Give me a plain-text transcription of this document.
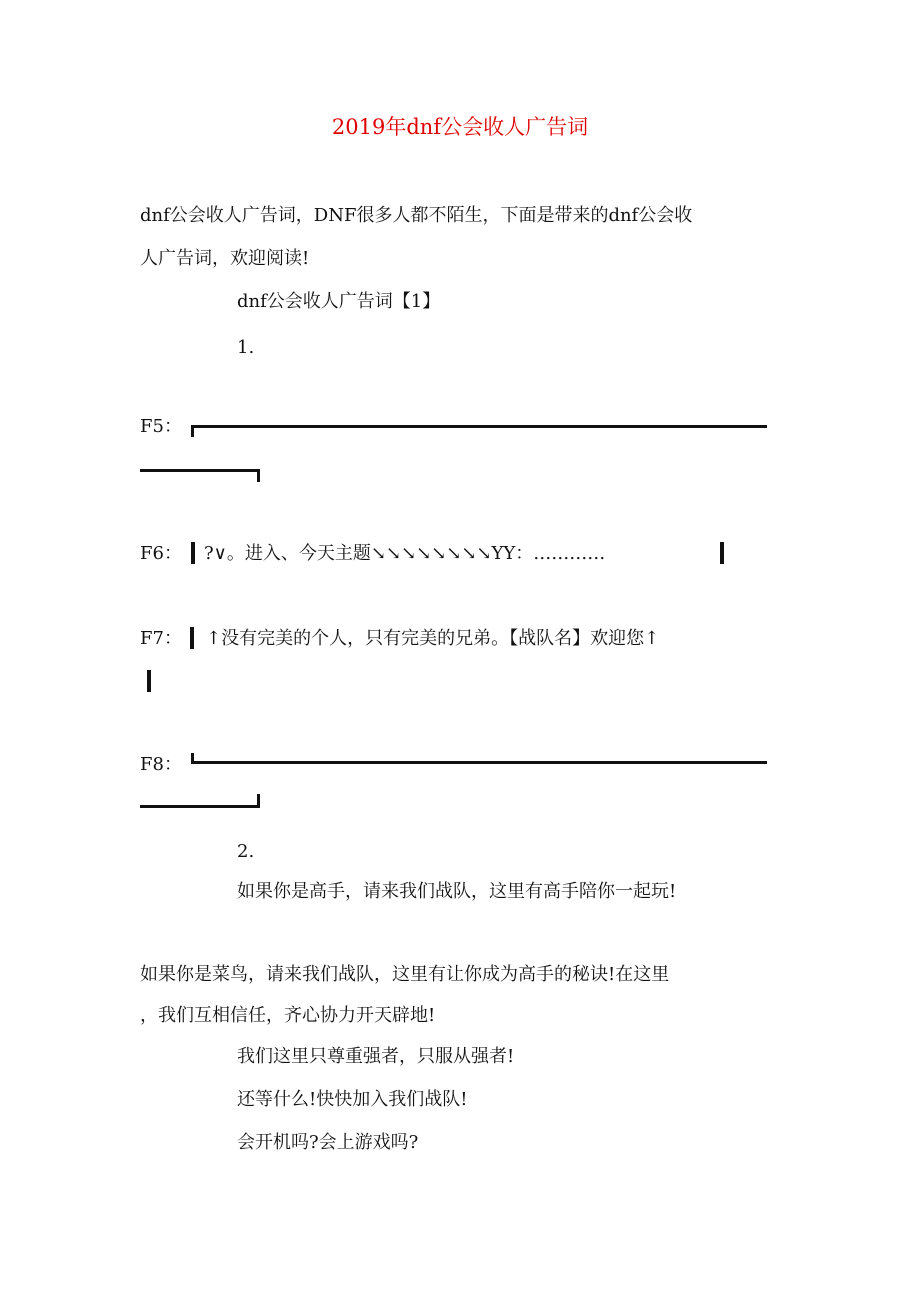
2019年dnf公会收人广告词
dnf公会收人广告词，DNF很多人都不陌生，下面是带来的dnf公会收
人广告词，欢迎阅读!
dnf公会收人广告词【1】
1.
F5：
F6： ?∨。进入、今天主题↘↘↘↘↘↘↘↘YY：…………
F7： ↑没有完美的个人，只有完美的兄弟。【战队名】欢迎您↑
F8：
2.
如果你是高手，请来我们战队，这里有高手陪你一起玩!
如果你是菜鸟，请来我们战队，这里有让你成为高手的秘诀!在这里
，我们互相信任，齐心协力开天辟地!
我们这里只尊重强者，只服从强者!
还等什么!快快加入我们战队!
会开机吗?会上游戏吗?
